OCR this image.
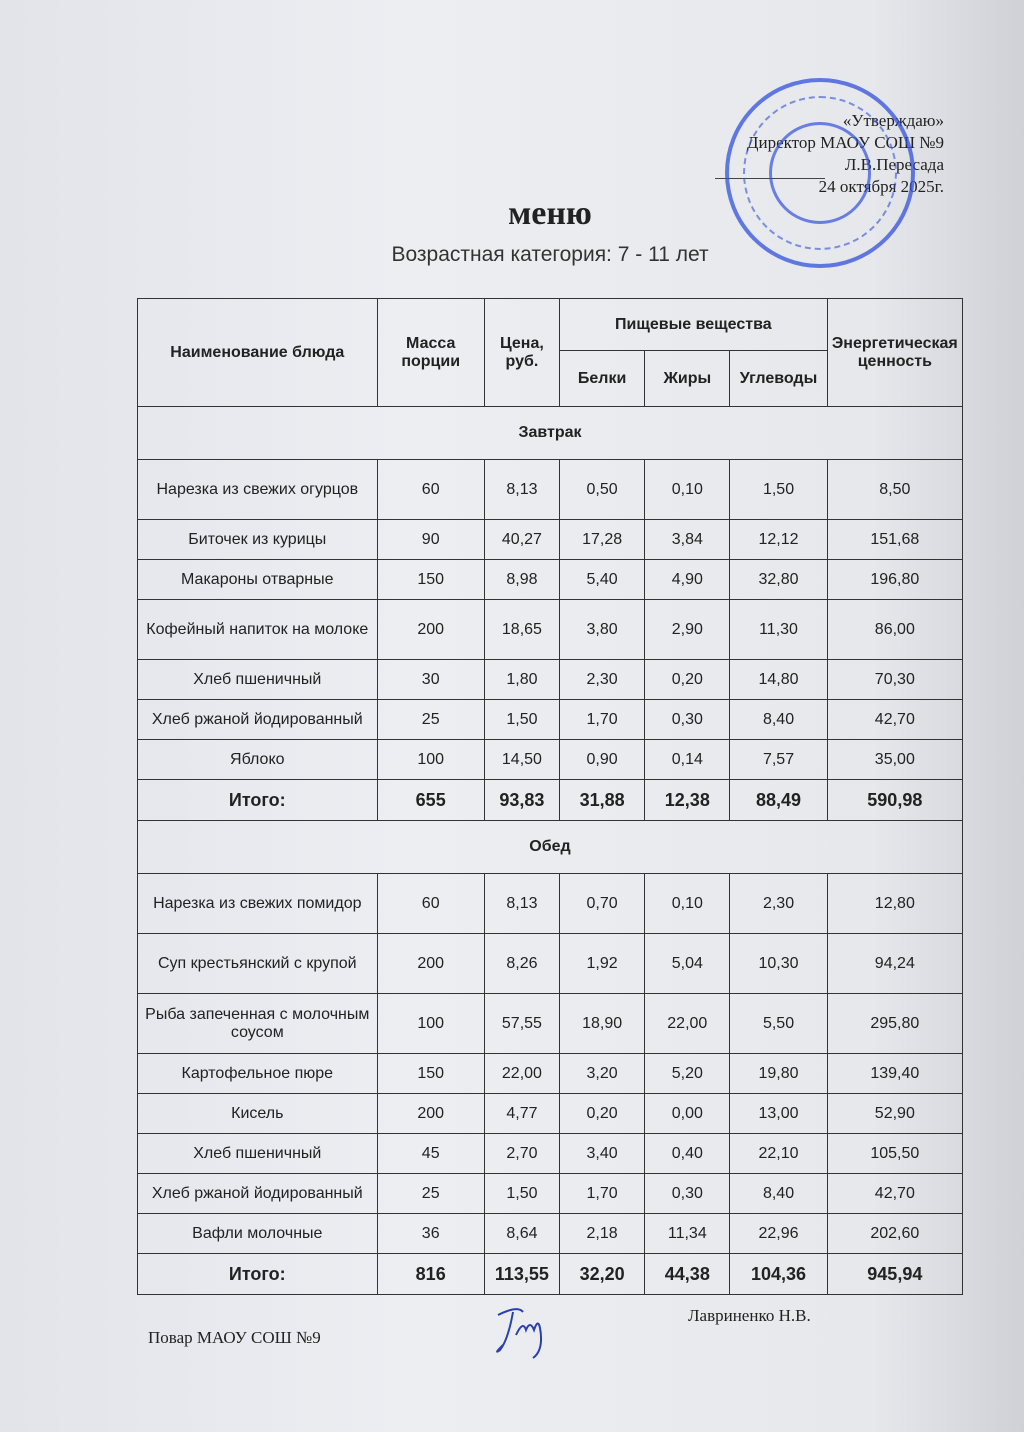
«Утверждаю»
Директор МАОУ СОШ №9
Л.В.Пересада
24 октября 2025г.
меню
Возрастная категория: 7 - 11 лет
Наименование блюда	Масса порции	Цена, руб.	Пищевые вещества			Энергетическая ценность
			Белки	Жиры	Углеводы	
Завтрак						
Нарезка из свежих огурцов	60	8,13	0,50	0,10	1,50	8,50
Биточек из курицы	90	40,27	17,28	3,84	12,12	151,68
Макароны отварные	150	8,98	5,40	4,90	32,80	196,80
Кофейный напиток на молоке	200	18,65	3,80	2,90	11,30	86,00
Хлеб пшеничный	30	1,80	2,30	0,20	14,80	70,30
Хлеб ржаной йодированный	25	1,50	1,70	0,30	8,40	42,70
Яблоко	100	14,50	0,90	0,14	7,57	35,00
Итого:	655	93,83	31,88	12,38	88,49	590,98
Обед						
Нарезка из свежих помидор	60	8,13	0,70	0,10	2,30	12,80
Суп крестьянский с крупой	200	8,26	1,92	5,04	10,30	94,24
Рыба запеченная с молочным соусом	100	57,55	18,90	22,00	5,50	295,80
Картофельное пюре	150	22,00	3,20	5,20	19,80	139,40
Кисель	200	4,77	0,20	0,00	13,00	52,90
Хлеб пшеничный	45	2,70	3,40	0,40	22,10	105,50
Хлеб ржаной йодированный	25	1,50	1,70	0,30	8,40	42,70
Вафли молочные	36	8,64	2,18	11,34	22,96	202,60
Итого:	816	113,55	32,20	44,38	104,36	945,94
Повар МАОУ СОШ №9
Лавриненко Н.В.
